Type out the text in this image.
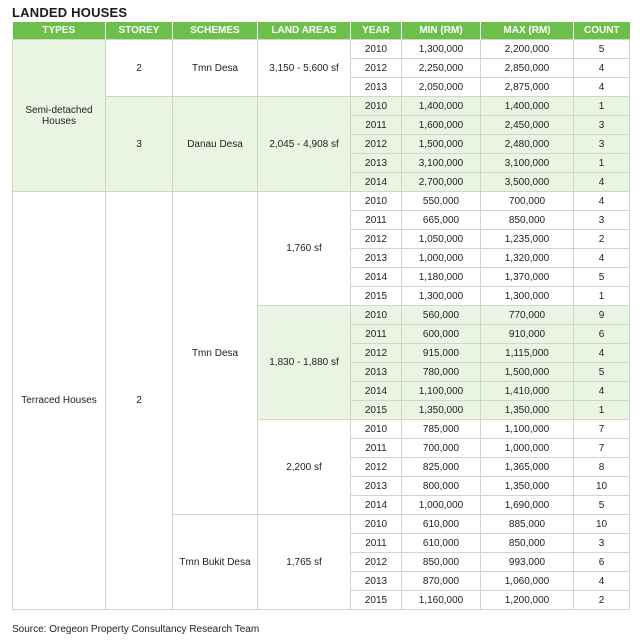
LANDED HOUSES
TYPES	STOREY	SCHEMES	LAND AREAS	YEAR	MIN (RM)	MAX (RM)	COUNT
Semi-detached Houses	2	Tmn Desa	3,150 - 5,600 sf	2010	1,300,000	2,200,000	5
				2012	2,250,000	2,850,000	4
				2013	2,050,000	2,875,000	4
	3	Danau Desa	2,045 - 4,908 sf	2010	1,400,000	1,400,000	1
				2011	1,600,000	2,450,000	3
				2012	1,500,000	2,480,000	3
				2013	3,100,000	3,100,000	1
				2014	2,700,000	3,500,000	4
Terraced Houses	2	Tmn Desa	1,760 sf	2010	550,000	700,000	4
				2011	665,000	850,000	3
				2012	1,050,000	1,235,000	2
				2013	1,000,000	1,320,000	4
				2014	1,180,000	1,370,000	5
				2015	1,300,000	1,300,000	1
			1,830 - 1,880 sf	2010	560,000	770,000	9
				2011	600,000	910,000	6
				2012	915,000	1,115,000	4
				2013	780,000	1,500,000	5
				2014	1,100,000	1,410,000	4
				2015	1,350,000	1,350,000	1
			2,200 sf	2010	785,000	1,100,000	7
				2011	700,000	1,000,000	7
				2012	825,000	1,365,000	8
				2013	800,000	1,350,000	10
				2014	1,000,000	1,690,000	5
		Tmn Bukit Desa	1,765 sf	2010	610,000	885,000	10
				2011	610,000	850,000	3
				2012	850,000	993,000	6
				2013	870,000	1,060,000	4
				2015	1,160,000	1,200,000	2
Source: Oregeon Property Consultancy Research Team
